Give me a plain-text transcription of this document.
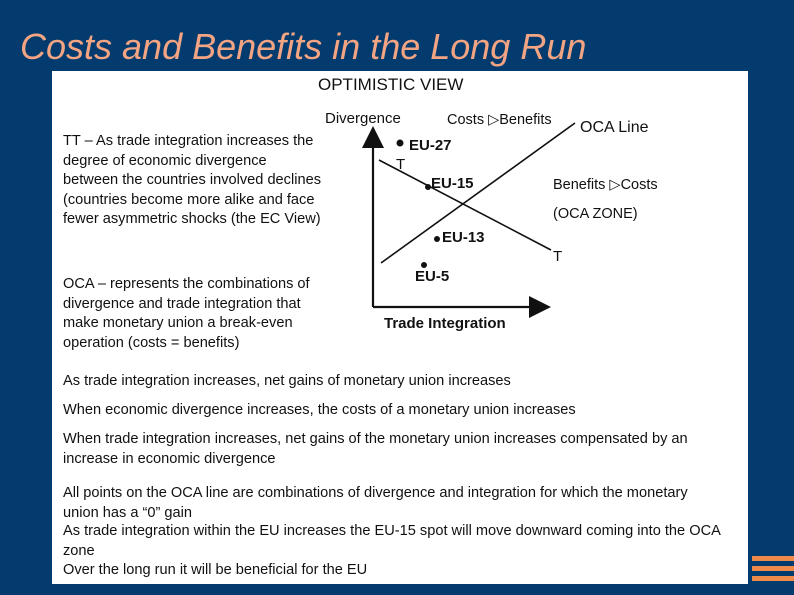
Costs and Benefits in the Long Run
OPTIMISTIC VIEW
Divergence	Costs ▷Benefits OCA Line
EU-27
T
EU-15	Benefits ▷Costs
(OCA ZONE)
EU-13
T
EU-5
Trade Integration
TT – As trade integration increases the degree of economic divergence between the countries involved declines (countries become more alike and face fewer asymmetric shocks (the EC View)
OCA – represents the combinations of divergence and trade integration that make monetary union a break-even operation (costs = benefits)
As trade integration increases, net gains of monetary union increases
When economic divergence increases, the costs of a monetary union increases
When trade integration increases, net gains of the monetary union increases compensated by an increase in economic divergence
All points on the OCA line are combinations of divergence and integration for which the monetary union has a “0” gain
As trade integration within the EU increases the EU-15 spot will move downward coming into the OCA zone
Over the long run it will be beneficial for the EU
